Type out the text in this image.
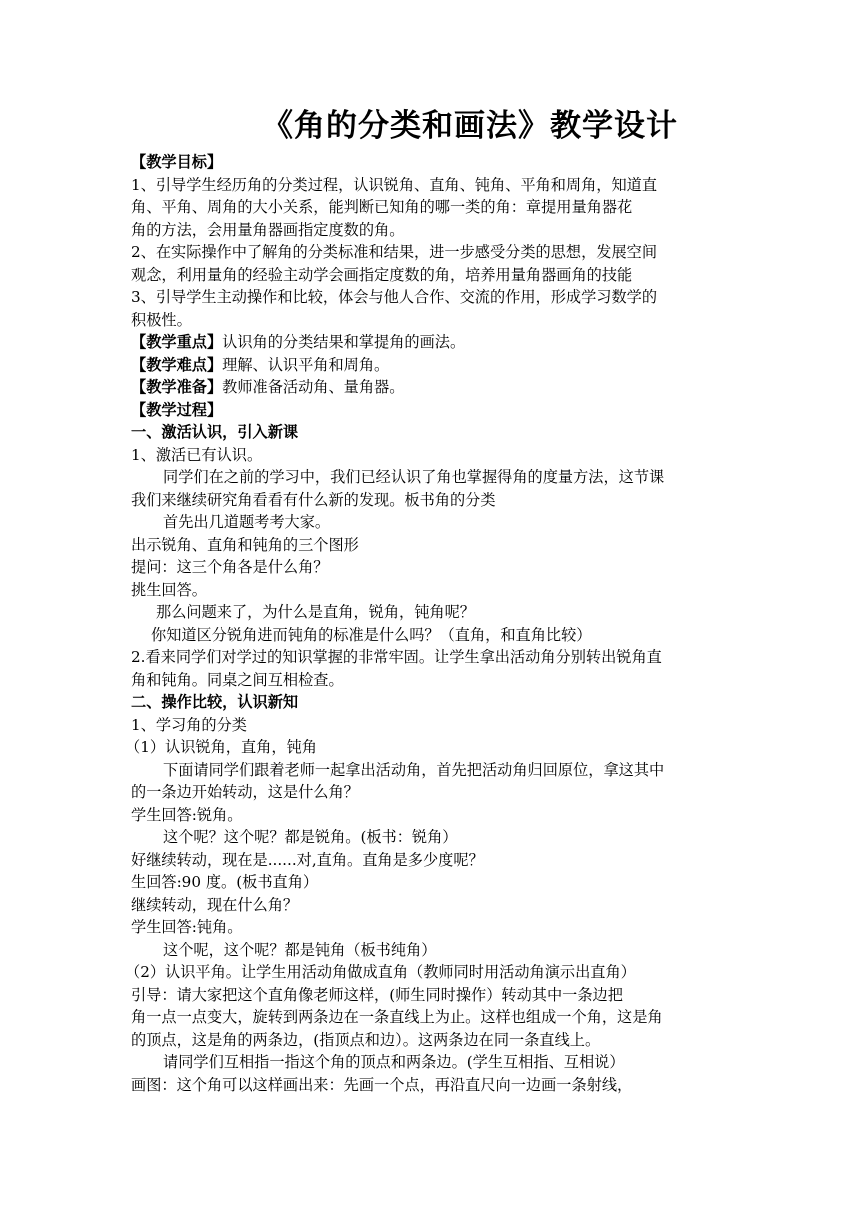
《角的分类和画法》教学设计
【教学目标】
1、引导学生经历角的分类过程，认识锐角、直角、钝角、平角和周角，知道直
角、平角、周角的大小关系，能判断已知角的哪一类的角：章提用量角器花
角的方法，会用量角器画指定度数的角。
2、在实际操作中了解角的分类标准和结果，进一步感受分类的思想，发展空间
观念，利用量角的经验主动学会画指定度数的角，培养用量角器画角的技能
3、引导学生主动操作和比较，体会与他人合作、交流的作用，形成学习数学的
积极性。
【教学重点】认识角的分类结果和掌提角的画法。
【教学难点】理解、认识平角和周角。
【教学准备】教师准备活动角、量角器。
【教学过程】
一、激活认识，引入新课
1、激活已有认识。
同学们在之前的学习中，我们已经认识了角也掌握得角的度量方法，这节课
我们来继续研究角看看有什么新的发现。板书角的分类
首先出几道题考考大家。
出示锐角、直角和钝角的三个图形
提问：这三个角各是什么角？
挑生回答。
那么问题来了，为什么是直角，锐角，钝角呢？
你知道区分锐角进而钝角的标准是什么吗？（直角，和直角比较）
2.看来同学们对学过的知识掌握的非常牢固。让学生拿出活动角分别转出锐角直
角和钝角。同桌之间互相检查。
二、操作比较，认识新知
1、学习角的分类
（1）认识锐角，直角，钝角
下面请同学们跟着老师一起拿出活动角，首先把活动角归回原位，拿这其中
的一条边开始转动，这是什么角？
学生回答:锐角。
这个呢？这个呢？都是锐角。(板书：锐角）
好继续转动，现在是......对,直角。直角是多少度呢？
生回答:90 度。(板书直角）
继续转动，现在什么角？
学生回答:钝角。
这个呢，这个呢？都是钝角（板书纯角）
（2）认识平角。让学生用活动角做成直角（教师同时用活动角演示出直角）
引导：请大家把这个直角像老师这样，(师生同时操作）转动其中一条边把
角一点一点变大，旋转到两条边在一条直线上为止。这样也组成一个角，这是角
的顶点，这是角的两条边，(指顶点和边）。这两条边在同一条直线上。
请同学们互相指一指这个角的顶点和两条边。(学生互相指、互相说）
画图：这个角可以这样画出来：先画一个点，再沿直尺向一边画一条射线，
